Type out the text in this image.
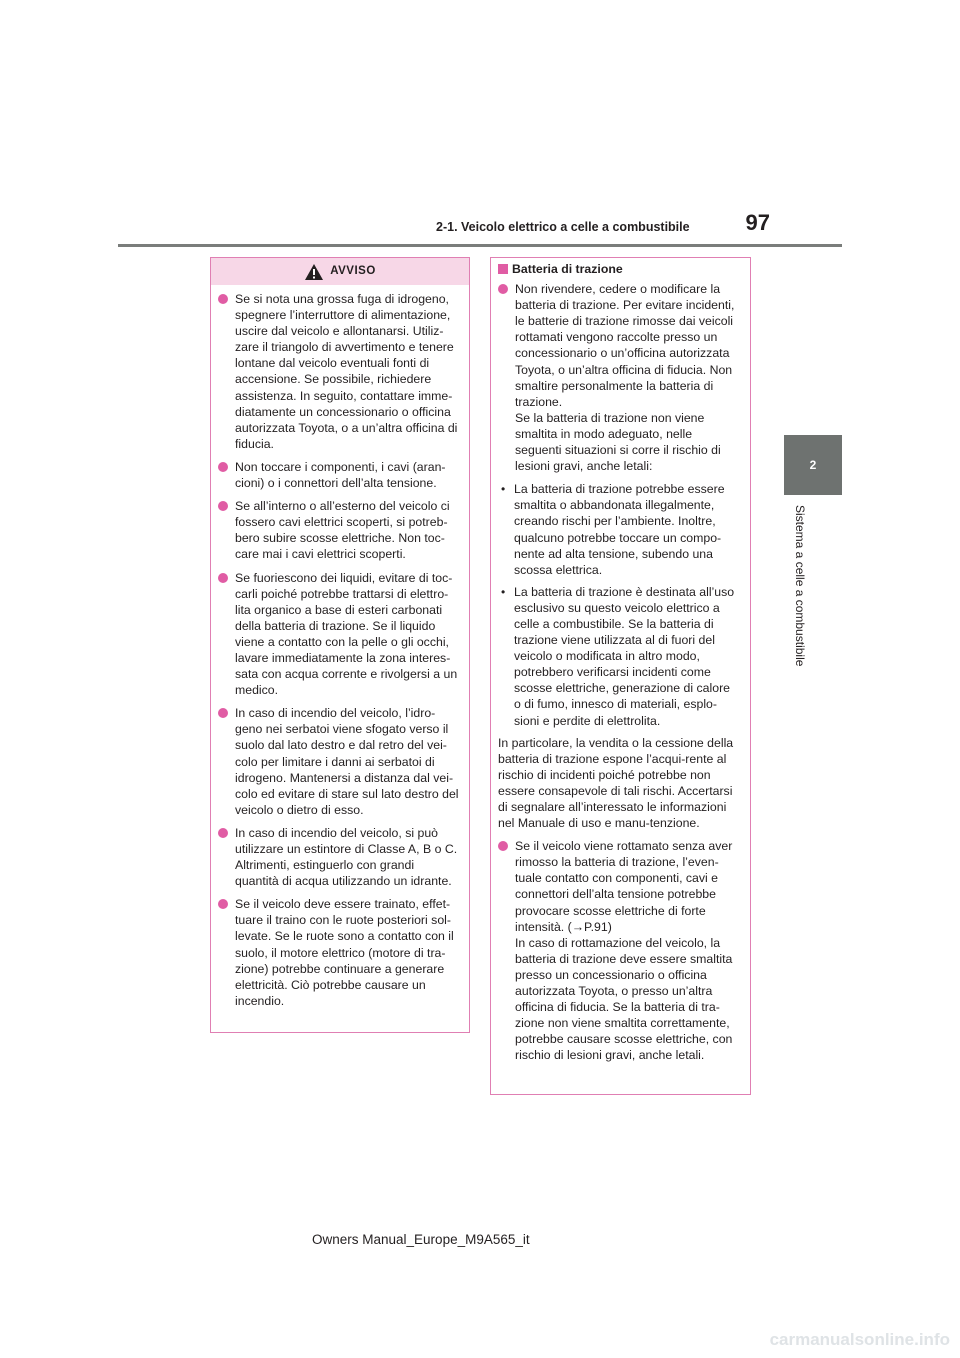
97
2-1. Veicolo elettrico a celle a combustibile
2
Sistema a celle a combustibile
AVVISO
Se si nota una grossa fuga di idrogeno, spegnere l’interruttore di alimentazione, uscire dal veicolo e allontanarsi. Utiliz-zare il triangolo di avvertimento e tenere lontane dal veicolo eventuali fonti di accensione. Se possibile, richiedere assistenza. In seguito, contattare imme-diatamente un concessionario o officina autorizzata Toyota, o a un’altra officina di fiducia.
Non toccare i componenti, i cavi (aran-cioni) o i connettori dell’alta tensione.
Se all’interno o all’esterno del veicolo ci fossero cavi elettrici scoperti, si potreb-bero subire scosse elettriche. Non toc-care mai i cavi elettrici scoperti.
Se fuoriescono dei liquidi, evitare di toc-carli poiché potrebbe trattarsi di elettro-lita organico a base di esteri carbonati della batteria di trazione. Se il liquido viene a contatto con la pelle o gli occhi, lavare immediatamente la zona interes-sata con acqua corrente e rivolgersi a un medico.
In caso di incendio del veicolo, l’idro-geno nei serbatoi viene sfogato verso il suolo dal lato destro e dal retro del vei-colo per limitare i danni ai serbatoi di idrogeno. Mantenersi a distanza dal vei-colo ed evitare di stare sul lato destro del veicolo o dietro di esso.
In caso di incendio del veicolo, si può utilizzare un estintore di Classe A, B o C. Altrimenti, estinguerlo con grandi quantità di acqua utilizzando un idrante.
Se il veicolo deve essere trainato, effet-tuare il traino con le ruote posteriori sol-levate. Se le ruote sono a contatto con il suolo, il motore elettrico (motore di tra-zione) potrebbe continuare a generare elettricità. Ciò potrebbe causare un incendio.
Batteria di trazione
Non rivendere, cedere o modificare la batteria di trazione. Per evitare incidenti, le batterie di trazione rimosse dai veicoli rottamati vengono raccolte presso un concessionario o un’officina autorizzata Toyota, o un’altra officina di fiducia. Non smaltire personalmente la batteria di trazione.
Se la batteria di trazione non viene smaltita in modo adeguato, nelle seguenti situazioni si corre il rischio di lesioni gravi, anche letali:
• La batteria di trazione potrebbe essere smaltita o abbandonata illegalmente, creando rischi per l’ambiente. Inoltre, qualcuno potrebbe toccare un compo-nente ad alta tensione, subendo una scossa elettrica.
• La batteria di trazione è destinata all’uso esclusivo su questo veicolo elettrico a celle a combustibile. Se la batteria di trazione viene utilizzata al di fuori del veicolo o modificata in altro modo, potrebbero verificarsi incidenti come scosse elettriche, generazione di calore o di fumo, innesco di materiali, esplo-sioni e perdite di elettrolita.
In particolare, la vendita o la cessione della batteria di trazione espone l’acqui-rente al rischio di incidenti poiché potrebbe non essere consapevole di tali rischi. Accertarsi di segnalare all’interessato le informazioni nel Manuale di uso e manu-tenzione.
Se il veicolo viene rottamato senza aver rimosso la batteria di trazione, l’even-tuale contatto con componenti, cavi e connettori dell’alta tensione potrebbe provocare scosse elettriche di forte intensità. (→P.91)
In caso di rottamazione del veicolo, la batteria di trazione deve essere smaltita presso un concessionario o officina autorizzata Toyota, o presso un’altra officina di fiducia. Se la batteria di tra-zione non viene smaltita correttamente, potrebbe causare scosse elettriche, con rischio di lesioni gravi, anche letali.
Owners Manual_Europe_M9A565_it
carmanualsonline.info
